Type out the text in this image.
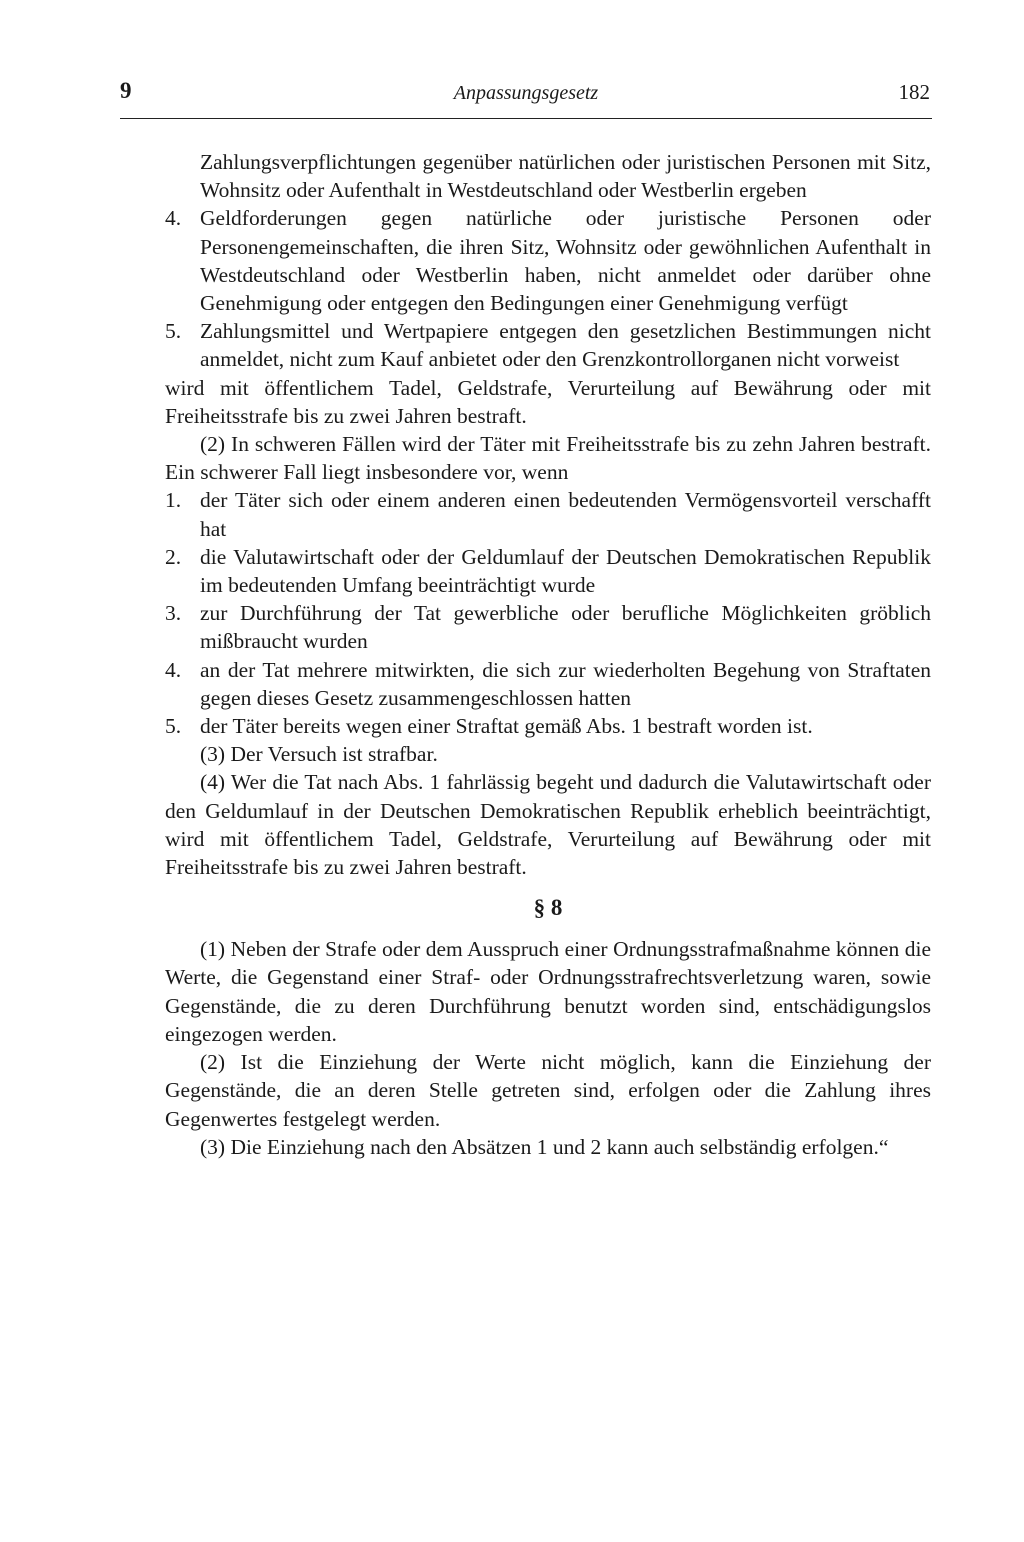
9	Anpassungsgesetz	182
Zahlungsverpflichtungen gegenüber natürlichen oder juristischen Personen mit Sitz, Wohnsitz oder Aufenthalt in Westdeutschland oder Westberlin ergeben
4. Geldforderungen gegen natürliche oder juristische Personen oder Personengemeinschaften, die ihren Sitz, Wohnsitz oder gewöhnlichen Aufenthalt in Westdeutschland oder Westberlin haben, nicht anmeldet oder darüber ohne Genehmigung oder entgegen den Bedingungen einer Genehmigung verfügt
5. Zahlungsmittel und Wertpapiere entgegen den gesetzlichen Bestimmungen nicht anmeldet, nicht zum Kauf anbietet oder den Grenzkontrollorganen nicht vorweist
wird mit öffentlichem Tadel, Geldstrafe, Verurteilung auf Bewährung oder mit Freiheitsstrafe bis zu zwei Jahren bestraft.
(2) In schweren Fällen wird der Täter mit Freiheitsstrafe bis zu zehn Jahren bestraft. Ein schwerer Fall liegt insbesondere vor, wenn
1. der Täter sich oder einem anderen einen bedeutenden Vermögensvorteil verschafft hat
2. die Valutawirtschaft oder der Geldumlauf der Deutschen Demokratischen Republik im bedeutenden Umfang beeinträchtigt wurde
3. zur Durchführung der Tat gewerbliche oder berufliche Möglichkeiten gröblich mißbraucht wurden
4. an der Tat mehrere mitwirkten, die sich zur wiederholten Begehung von Straftaten gegen dieses Gesetz zusammengeschlossen hatten
5. der Täter bereits wegen einer Straftat gemäß Abs. 1 bestraft worden ist.
(3) Der Versuch ist strafbar.
(4) Wer die Tat nach Abs. 1 fahrlässig begeht und dadurch die Valutawirtschaft oder den Geldumlauf in der Deutschen Demokratischen Republik erheblich beeinträchtigt, wird mit öffentlichem Tadel, Geldstrafe, Verurteilung auf Bewährung oder mit Freiheitsstrafe bis zu zwei Jahren bestraft.
§ 8
(1) Neben der Strafe oder dem Ausspruch einer Ordnungsstrafmaßnahme können die Werte, die Gegenstand einer Straf- oder Ordnungsstrafrechtsverletzung waren, sowie Gegenstände, die zu deren Durchführung benutzt worden sind, entschädigungslos eingezogen werden.
(2) Ist die Einziehung der Werte nicht möglich, kann die Einziehung der Gegenstände, die an deren Stelle getreten sind, erfolgen oder die Zahlung ihres Gegenwertes festgelegt werden.
(3) Die Einziehung nach den Absätzen 1 und 2 kann auch selbständig erfolgen.“
